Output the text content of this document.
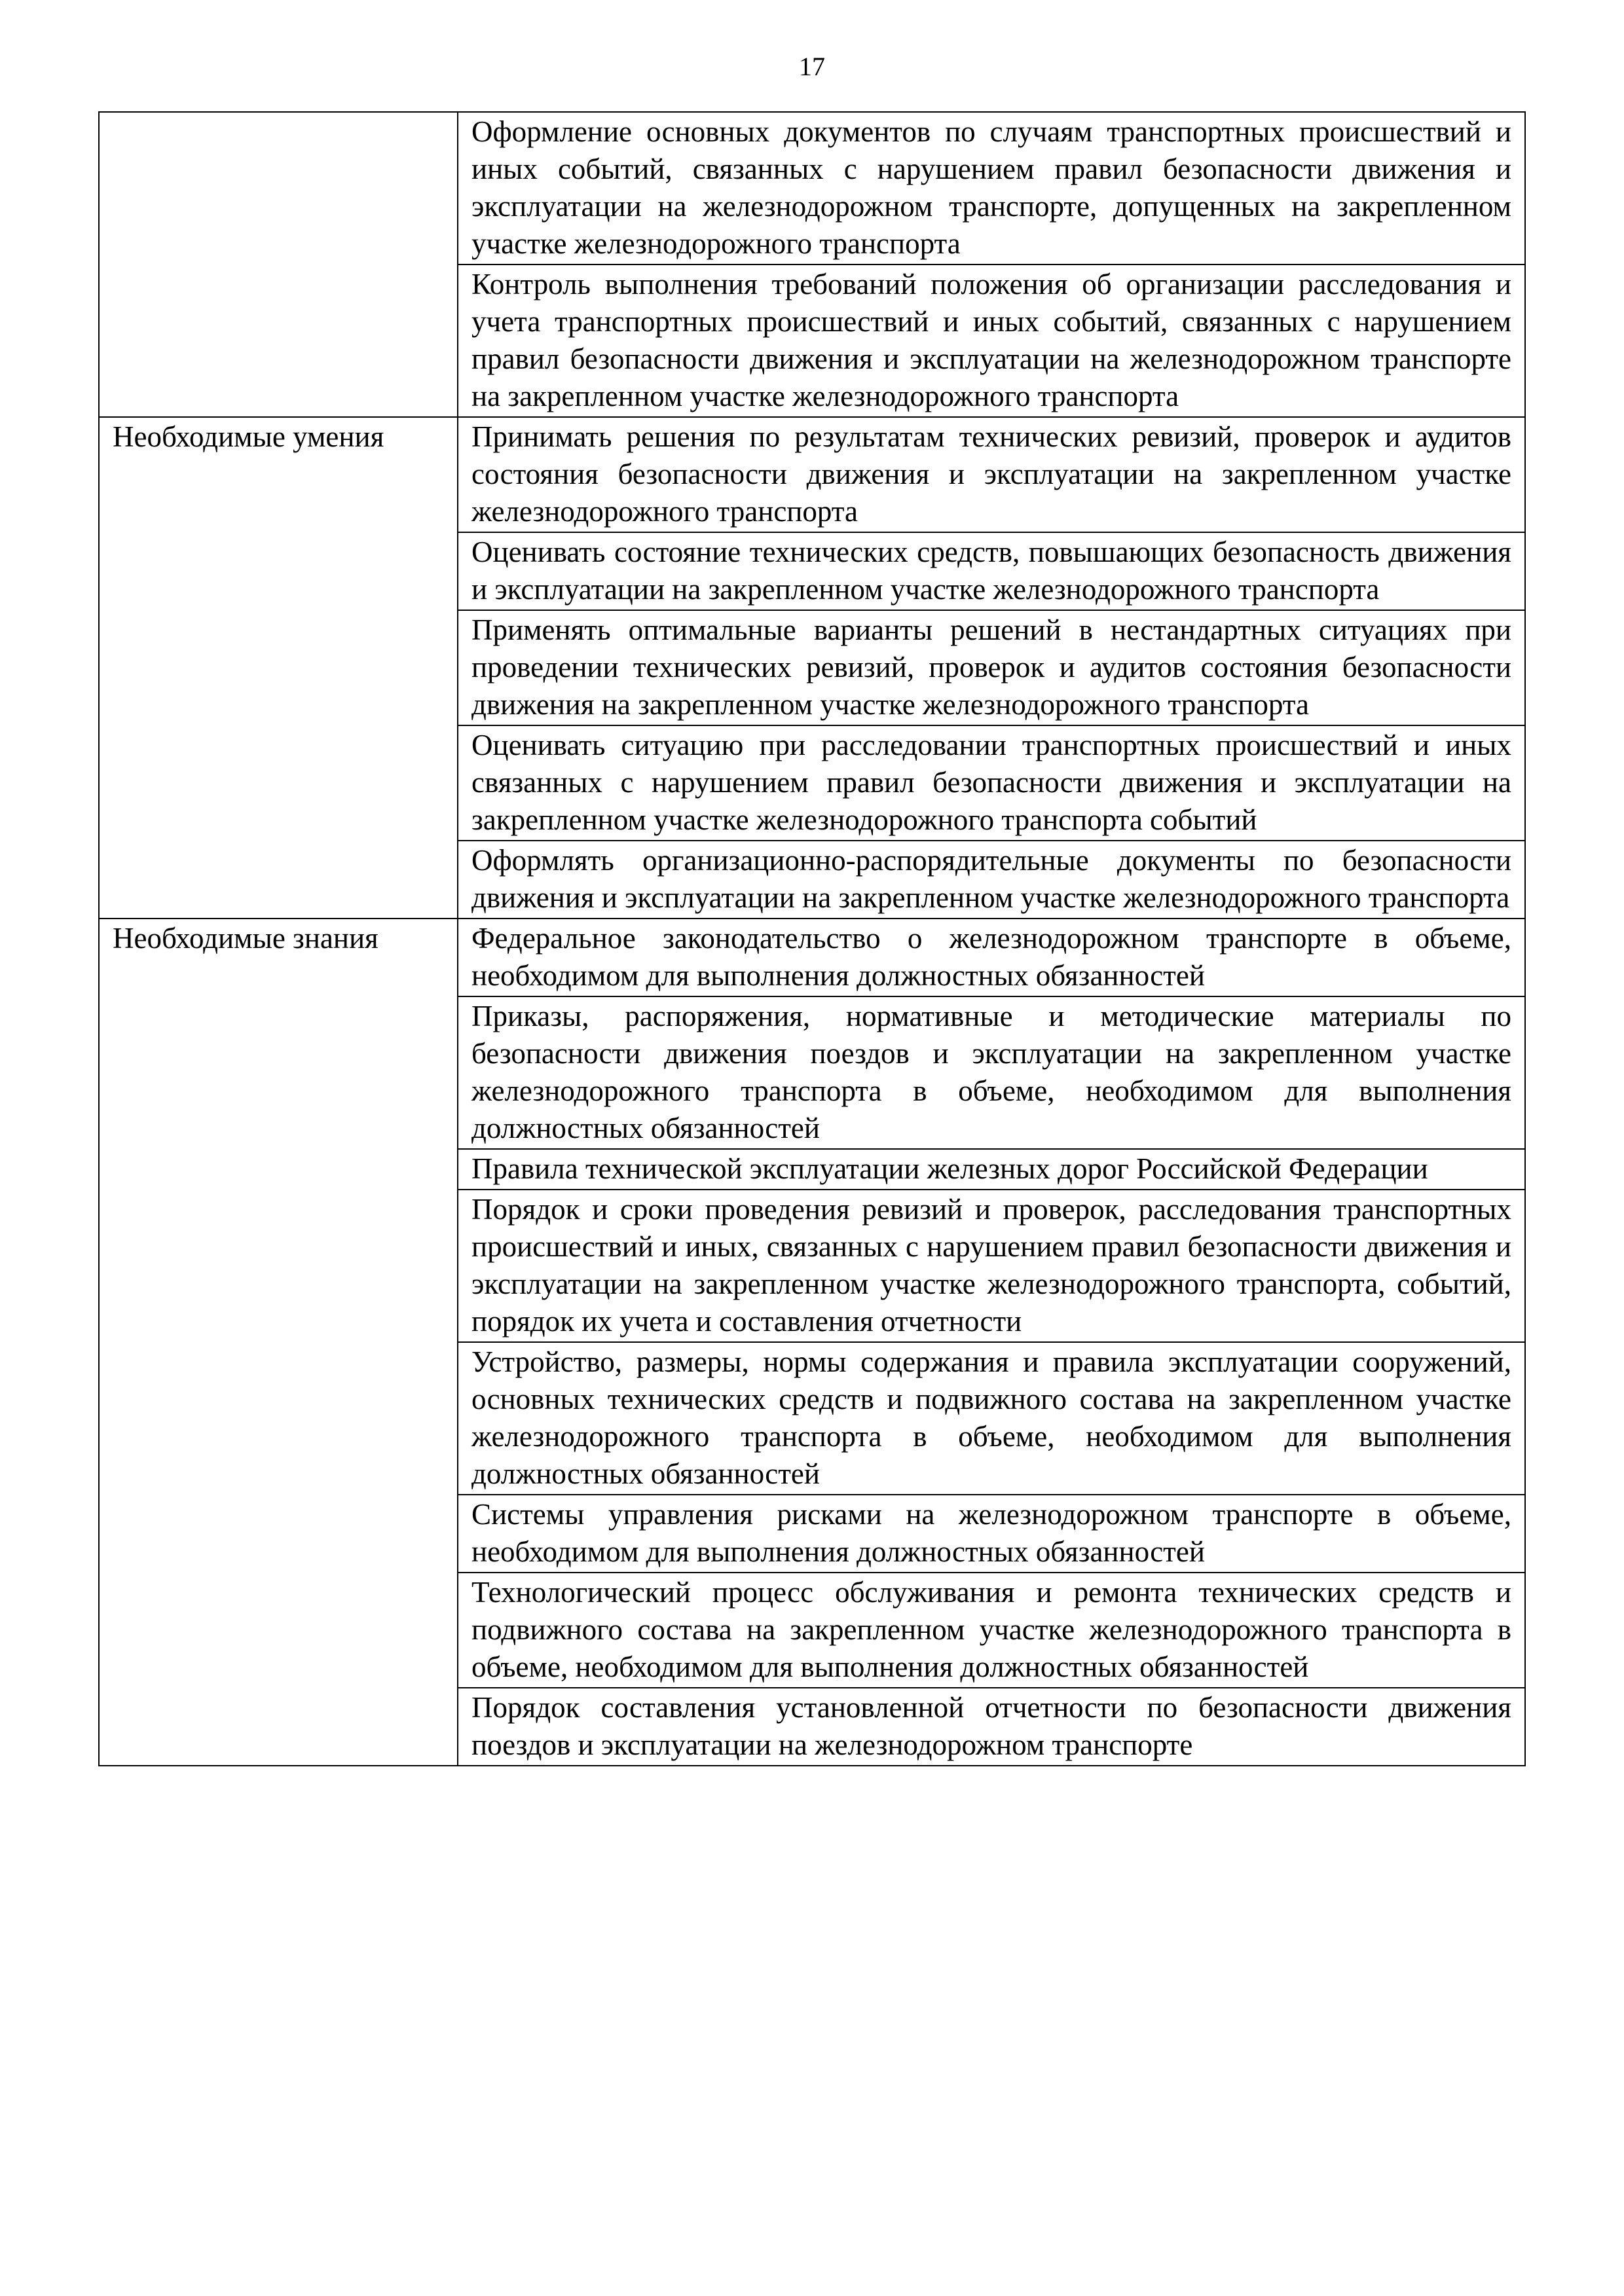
17

	Оформление основных документов по случаям транспортных происшествий и иных событий, связанных с нарушением правил безопасности движения и эксплуатации на железнодорожном транспорте, допущенных на закрепленном участке железнодорожного транспорта

	Контроль выполнения требований положения об организации расследования и учета транспортных происшествий и иных событий, связанных с нарушением правил безопасности движения и эксплуатации на железнодорожном транспорте на закрепленном участке железнодорожного транспорта

Необходимые умения	Принимать решения по результатам технических ревизий, проверок и аудитов состояния безопасности движения и эксплуатации на закрепленном участке железнодорожного транспорта

	Оценивать состояние технических средств, повышающих безопасность движения и эксплуатации на закрепленном участке железнодорожного транспорта

	Применять оптимальные варианты решений в нестандартных ситуациях при проведении технических ревизий, проверок и аудитов состояния безопасности движения на закрепленном участке железнодорожного транспорта

	Оценивать ситуацию при расследовании транспортных происшествий и иных связанных с нарушением правил безопасности движения и эксплуатации на закрепленном участке железнодорожного транспорта событий

	Оформлять организационно-распорядительные документы по безопасности движения и эксплуатации на закрепленном участке железнодорожного транспорта

Необходимые знания	Федеральное законодательство о железнодорожном транспорте в объеме, необходимом для выполнения должностных обязанностей

	Приказы, распоряжения, нормативные и методические материалы по безопасности движения поездов и эксплуатации на закрепленном участке железнодорожного транспорта в объеме, необходимом для выполнения должностных обязанностей

	Правила технической эксплуатации железных дорог Российской Федерации

	Порядок и сроки проведения ревизий и проверок, расследования транспортных происшествий и иных, связанных с нарушением правил безопасности движения и эксплуатации на закрепленном участке железнодорожного транспорта, событий, порядок их учета и составления отчетности

	Устройство, размеры, нормы содержания и правила эксплуатации сооружений, основных технических средств и подвижного состава на закрепленном участке железнодорожного транспорта в объеме, необходимом для выполнения должностных обязанностей

	Системы управления рисками на железнодорожном транспорте в объеме, необходимом для выполнения должностных обязанностей

	Технологический процесс обслуживания и ремонта технических средств и подвижного состава на закрепленном участке железнодорожного транспорта в объеме, необходимом для выполнения должностных обязанностей

	Порядок составления установленной отчетности по безопасности движения поездов и эксплуатации на железнодорожном транспорте
